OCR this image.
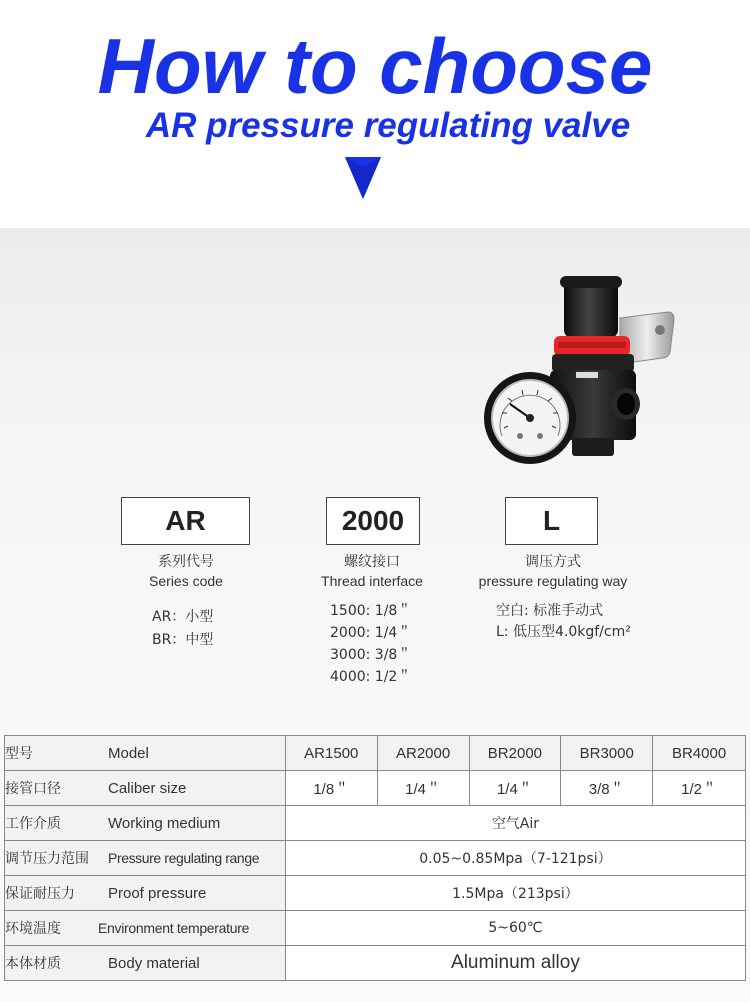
How to choose
AR pressure regulating valve
AR
系列代号
Series code
AR：小型
BR：中型
2000
螺纹接口
Thread interface
1500: 1/8＂
2000: 1/4＂
3000: 3/8＂
4000: 1/2＂
L
调压方式
pressure regulating way
空白: 标准手动式
L: 低压型4.0kgf/cm²
型号 Model	AR1500	AR2000	BR2000	BR3000	BR4000
接管口径 Caliber size	1/8＂	1/4＂	1/4＂	3/8＂	1/2＂
工作介质 Working medium	空气Air				
调节压力范围 Pressure regulating range	0.05~0.85Mpa（7-121psi）				
保证耐压力 Proof pressure	1.5Mpa（213psi）				
环境温度 Environment temperature	5~60℃				
本体材质 Body material	Aluminum alloy				
